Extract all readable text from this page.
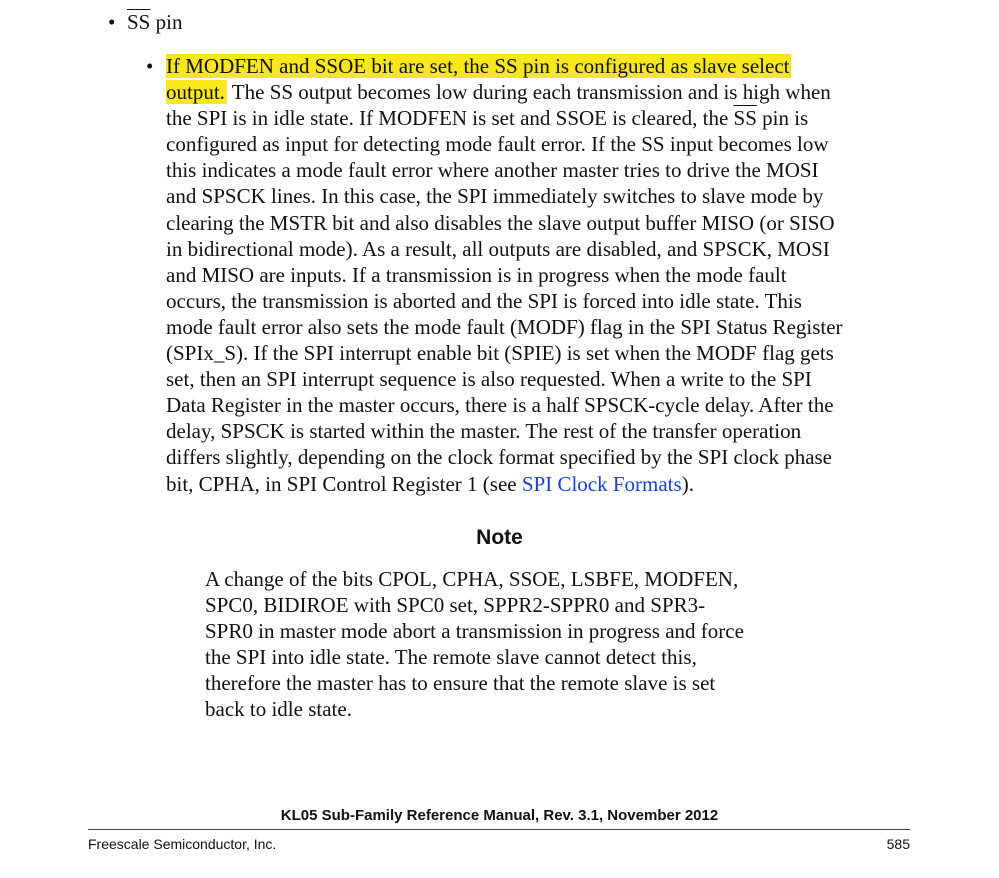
• $\overline{SS}$ pin
• If MODFEN and SSOE bit are set, the SS pin is configured as slave select
output. The SS output becomes low during each transmission and is high when
the SPI is in idle state. If MODFEN is set and SSOE is cleared, the $\overline{SS}$ pin is
configured as input for detecting mode fault error. If the SS input becomes low
this indicates a mode fault error where another master tries to drive the MOSI
and SPSCK lines. In this case, the SPI immediately switches to slave mode by
clearing the MSTR bit and also disables the slave output buffer MISO (or SISO
in bidirectional mode). As a result, all outputs are disabled, and SPSCK, MOSI
and MISO are inputs. If a transmission is in progress when the mode fault
occurs, the transmission is aborted and the SPI is forced into idle state. This
mode fault error also sets the mode fault (MODF) flag in the SPI Status Register
(SPIx_S). If the SPI interrupt enable bit (SPIE) is set when the MODF flag gets
set, then an SPI interrupt sequence is also requested. When a write to the SPI
Data Register in the master occurs, there is a half SPSCK-cycle delay. After the
delay, SPSCK is started within the master. The rest of the transfer operation
differs slightly, depending on the clock format specified by the SPI clock phase
bit, CPHA, in SPI Control Register 1 (see SPI Clock Formats).
Note
A change of the bits CPOL, CPHA, SSOE, LSBFE, MODFEN,
SPC0, BIDIROE with SPC0 set, SPPR2-SPPR0 and SPR3-
SPR0 in master mode abort a transmission in progress and force
the SPI into idle state. The remote slave cannot detect this,
therefore the master has to ensure that the remote slave is set
back to idle state.
KL05 Sub-Family Reference Manual, Rev. 3.1, November 2012
Freescale Semiconductor, Inc.	585
